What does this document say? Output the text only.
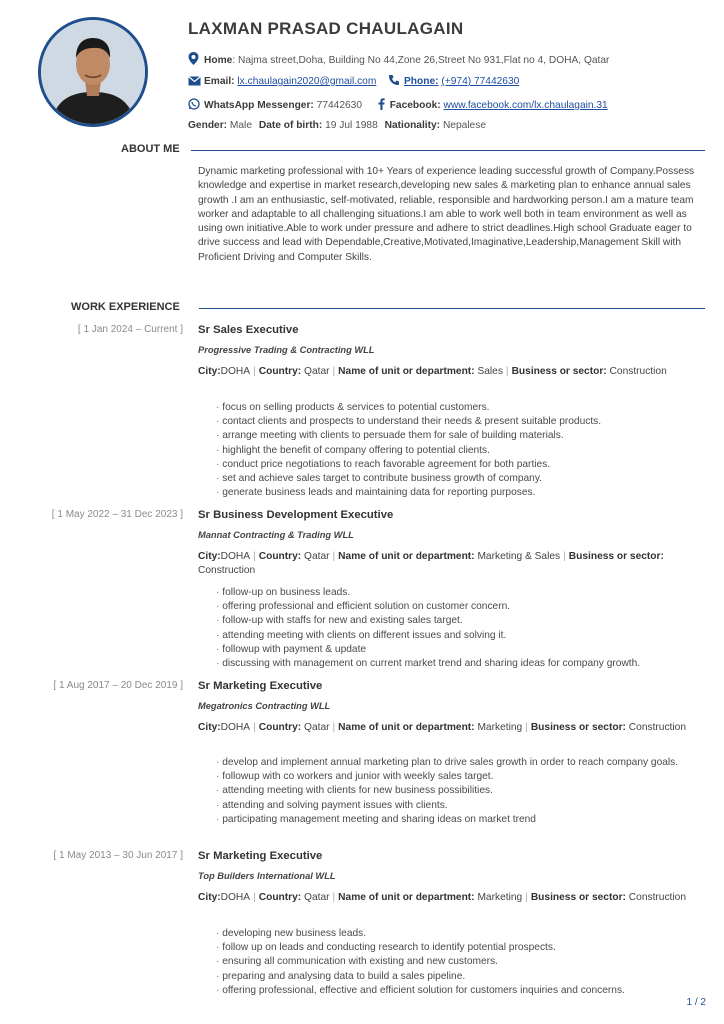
LAXMAN PRASAD CHAULAGAIN
Home: Najma street,Doha, Building No 44,Zone 26,Street No 931,Flat no 4, DOHA, Qatar
Email: lx.chaulagain2020@gmail.com	Phone: (+974) 77442630
WhatsApp Messenger: 77442630	Facebook: www.facebook.com/lx.chaulagain.31
Gender: Male Date of birth: 19 Jul 1988 Nationality: Nepalese
ABOUT ME
Dynamic marketing professional with 10+ Years of experience leading successful growth of Company.Possess knowledge and expertise in market research,developing new sales & marketing plan to enhance annual sales growth .I am an enthusiastic, self-motivated, reliable, responsible and hardworking person.I am a mature team worker and adaptable to all challenging situations.I am able to work well both in team environment as well as using own initiative.Able to work under pressure and adhere to strict deadlines.High school Graduate eager to drive success and lead with Dependable,Creative,Motivated,Imaginative,Leadership,Management Skill with Proficient Driving and Computer Skills.
WORK EXPERIENCE
[ 1 Jan 2024 – Current ] Sr Sales Executive
Progressive Trading & Contracting WLL
City:DOHA | Country: Qatar | Name of unit or department: Sales | Business or sector: Construction
· focus on selling products & services to potential customers.
· contact clients and prospects to understand their needs & present suitable products.
· arrange meeting with clients to persuade them for sale of building materials.
· highlight the benefit of company offering to potential clients.
· conduct price negotiations to reach favorable agreement for both parties.
· set and achieve sales target to contribute business growth of company.
· generate business leads and maintaining data for reporting purposes.
[ 1 May 2022 – 31 Dec 2023 ] Sr Business Development Executive
Mannat Contracting & Trading WLL
City:DOHA | Country: Qatar | Name of unit or department: Marketing & Sales | Business or sector: Construction
· follow-up on business leads.
· offering professional and efficient solution on customer concern.
· follow-up with staffs for new and existing sales target.
· attending meeting with clients on different issues and solving it.
· followup with payment & update
· discussing with management on current market trend and sharing ideas for company growth.
[ 1 Aug 2017 – 20 Dec 2019 ] Sr Marketing Executive
Megatronics Contracting WLL
City:DOHA | Country: Qatar | Name of unit or department: Marketing | Business or sector: Construction
· develop and implement annual marketing plan to drive sales growth in order to reach company goals.
· followup with co workers and junior with weekly sales target.
· attending meeting with clients for new business possibilities.
· attending and solving payment issues with clients.
· participating management meeting and sharing ideas on market trend
[ 1 May 2013 – 30 Jun 2017 ] Sr Marketing Executive
Top Builders International WLL
City:DOHA | Country: Qatar | Name of unit or department: Marketing | Business or sector: Construction
· developing new business leads.
· follow up on leads and conducting research to identify potential prospects.
· ensuring all communication with existing and new customers.
· preparing and analysing data to build a sales pipeline.
· offering professional, effective and efficient solution for customers inquiries and concerns.
1 / 2
